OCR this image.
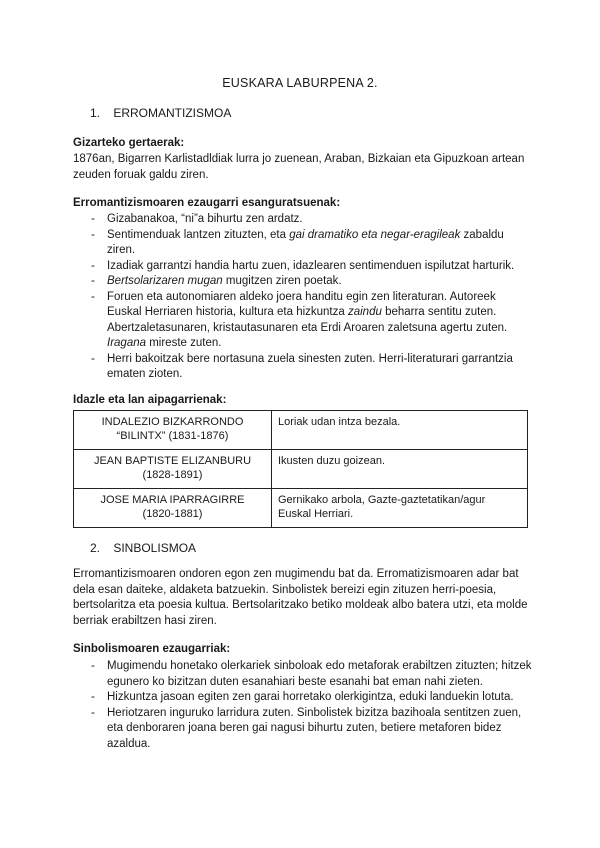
EUSKARA LABURPENA 2.
1. ERROMANTIZISMOA
Gizarteko gertaerak:
1876an, Bigarren Karlistadldiak lurra jo zuenean, Araban, Bizkaian eta Gipuzkoan artean zeuden foruak galdu ziren.
Erromantizismoaren ezaugarri esanguratsuenak:
- Gizabanakoa, “ni”a bihurtu zen ardatz.
- Sentimenduak lantzen zituzten, eta gai dramatiko eta negar-eragileak zabaldu ziren.
- Izadiak garrantzi handia hartu zuen, idazlearen sentimenduen ispilutzat harturik.
- Bertsolarizaren mugan mugitzen ziren poetak.
- Foruen eta autonomiaren aldeko joera handitu egin zen literaturan. Autoreek Euskal Herriaren historia, kultura eta hizkuntza zaindu beharra sentitu zuten. Abertzaletasunaren, kristautasunaren eta Erdi Aroaren zaletsuna agertu zuten. Iragana mireste zuten.
- Herri bakoitzak bere nortasuna zuela sinesten zuten. Herri-literaturari garrantzia ematen zioten.
Idazle eta lan aipagarrienak:
INDALEZIO BIZKARRONDO
“BILINTX” (1831-1876)	Loriak udan intza bezala.

JEAN BAPTISTE ELIZANBURU
(1828-1891)	Ikusten duzu goizean.

JOSE MARIA IPARRAGIRRE
(1820-1881)	Gernikako arbola, Gazte-gaztetatikan/agur Euskal Herriari.
2. SINBOLISMOA
Erromantizismoaren ondoren egon zen mugimendu bat da. Erromatizismoaren adar bat dela esan daiteke, aldaketa batzuekin. Sinbolistek bereizi egin zituzen herri-poesia, bertsolaritza eta poesia kultua. Bertsolaritzako betiko moldeak albo batera utzi, eta molde berriak erabiltzen hasi ziren.
Sinbolismoaren ezaugarriak:
- Mugimendu honetako olerkariek sinboloak edo metaforak erabiltzen zituzten; hitzek egunero ko bizitzan duten esanahiari beste esanahi bat eman nahi zieten.
- Hizkuntza jasoan egiten zen garai horretako olerkigintza, eduki landuekin lotuta.
- Heriotzaren inguruko larridura zuten. Sinbolistek bizitza bazihoala sentitzen zuen, eta denboraren joana beren gai nagusi bihurtu zuten, betiere metaforen bidez azaldua.
